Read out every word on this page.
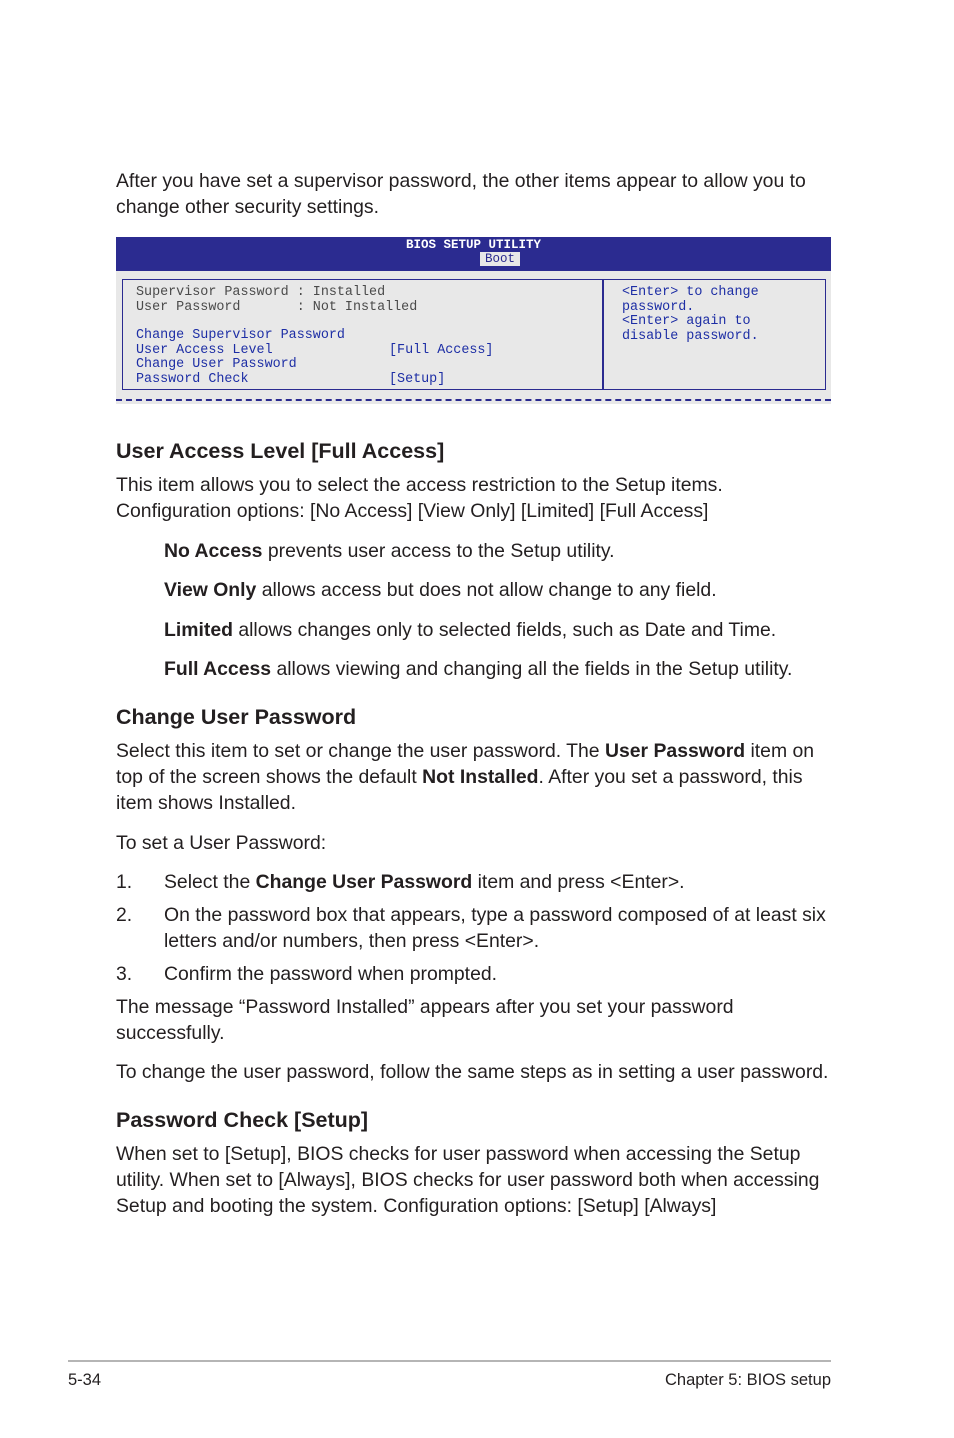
After you have set a supervisor password, the other items appear to allow you to change other security settings.

BIOS SETUP UTILITY
Boot
Supervisor Password : Installed
User Password       : Not Installed
Change Supervisor Password
User Access Level	[Full Access]
Change User Password
Password Check	[Setup]
<Enter> to change
password.
<Enter> again to
disable password.
User Access Level [Full Access]

This item allows you to select the access restriction to the Setup items. Configuration options: [No Access] [View Only] [Limited] [Full Access]

No Access prevents user access to the Setup utility.

View Only allows access but does not allow change to any field.

Limited allows changes only to selected fields, such as Date and Time.

Full Access allows viewing and changing all the fields in the Setup utility.

Change User Password

Select this item to set or change the user password. The User Password item on top of the screen shows the default Not Installed. After you set a password, this item shows Installed.

To set a User Password:

1. Select the Change User Password item and press <Enter>.

2. On the password box that appears, type a password composed of at least six letters and/or numbers, then press <Enter>.

3. Confirm the password when prompted.

The message “Password Installed” appears after you set your password successfully.

To change the user password, follow the same steps as in setting a user password.

Password Check [Setup]

When set to [Setup], BIOS checks for user password when accessing the Setup utility. When set to [Always], BIOS checks for user password both when accessing Setup and booting the system. Configuration options: [Setup] [Always]

5-34	Chapter 5: BIOS setup
